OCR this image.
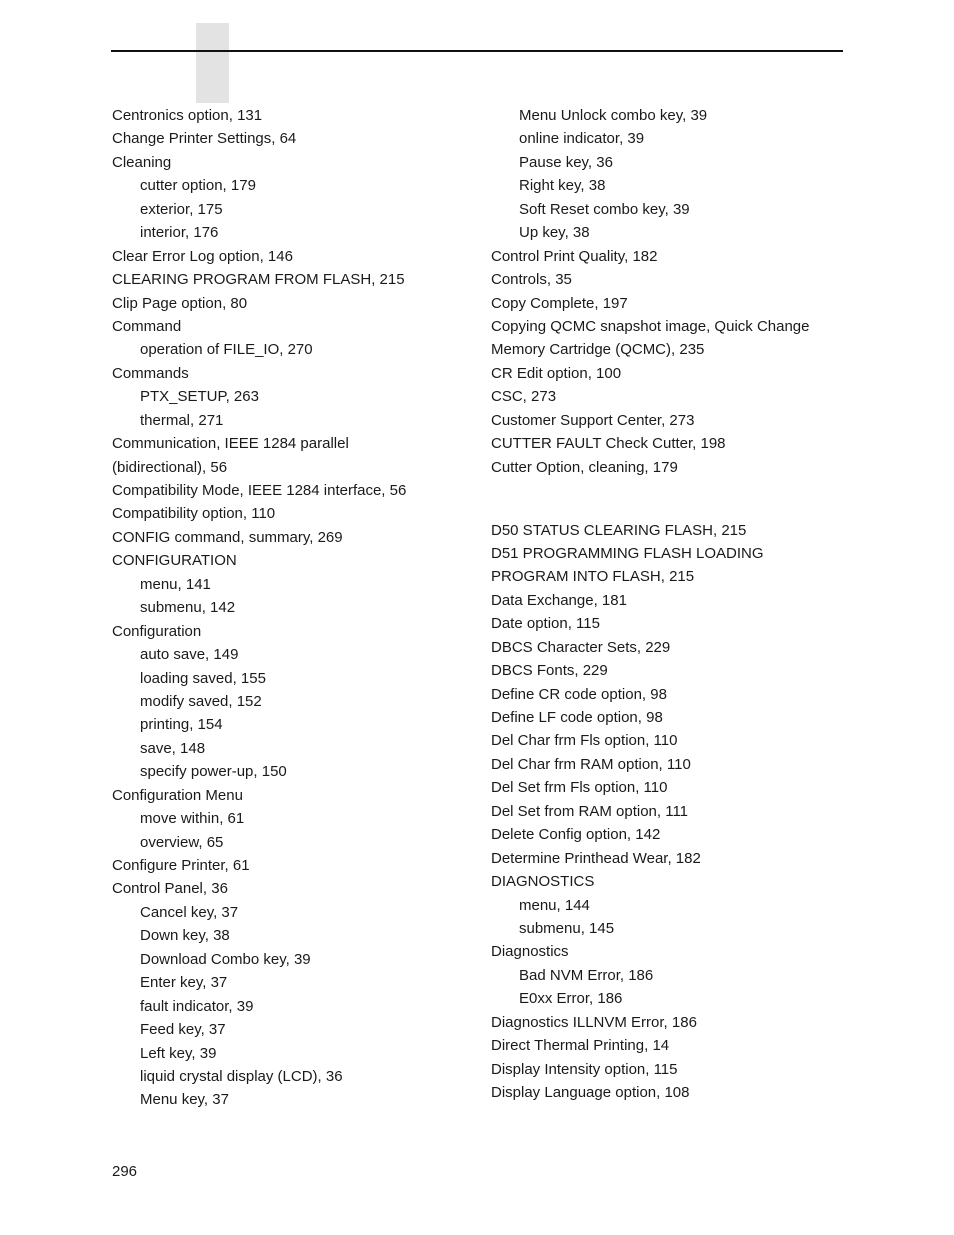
Centronics option, 131
Change Printer Settings, 64
Cleaning
cutter option, 179
exterior, 175
interior, 176
Clear Error Log option, 146
CLEARING PROGRAM FROM FLASH, 215
Clip Page option, 80
Command
operation of FILE_IO, 270
Commands
PTX_SETUP, 263
thermal, 271
Communication, IEEE 1284 parallel
(bidirectional), 56
Compatibility Mode, IEEE 1284 interface, 56
Compatibility option, 110
CONFIG command, summary, 269
CONFIGURATION
menu, 141
submenu, 142
Configuration
auto save, 149
loading saved, 155
modify saved, 152
printing, 154
save, 148
specify power-up, 150
Configuration Menu
move within, 61
overview, 65
Configure Printer, 61
Control Panel, 36
Cancel key, 37
Down key, 38
Download Combo key, 39
Enter key, 37
fault indicator, 39
Feed key, 37
Left key, 39
liquid crystal display (LCD), 36
Menu key, 37
Menu Unlock combo key, 39
online indicator, 39
Pause key, 36
Right key, 38
Soft Reset combo key, 39
Up key, 38
Control Print Quality, 182
Controls, 35
Copy Complete, 197
Copying QCMC snapshot image, Quick Change
Memory Cartridge (QCMC), 235
CR Edit option, 100
CSC, 273
Customer Support Center, 273
CUTTER FAULT Check Cutter, 198
Cutter Option, cleaning, 179
D50 STATUS CLEARING FLASH, 215
D51 PROGRAMMING FLASH LOADING
PROGRAM INTO FLASH, 215
Data Exchange, 181
Date option, 115
DBCS Character Sets, 229
DBCS Fonts, 229
Define CR code option, 98
Define LF code option, 98
Del Char frm Fls option, 110
Del Char frm RAM option, 110
Del Set frm Fls option, 110
Del Set from RAM option, 111
Delete Config option, 142
Determine Printhead Wear, 182
DIAGNOSTICS
menu, 144
submenu, 145
Diagnostics
Bad NVM Error, 186
E0xx Error, 186
Diagnostics ILLNVM Error, 186
Direct Thermal Printing, 14
Display Intensity option, 115
Display Language option, 108
296
